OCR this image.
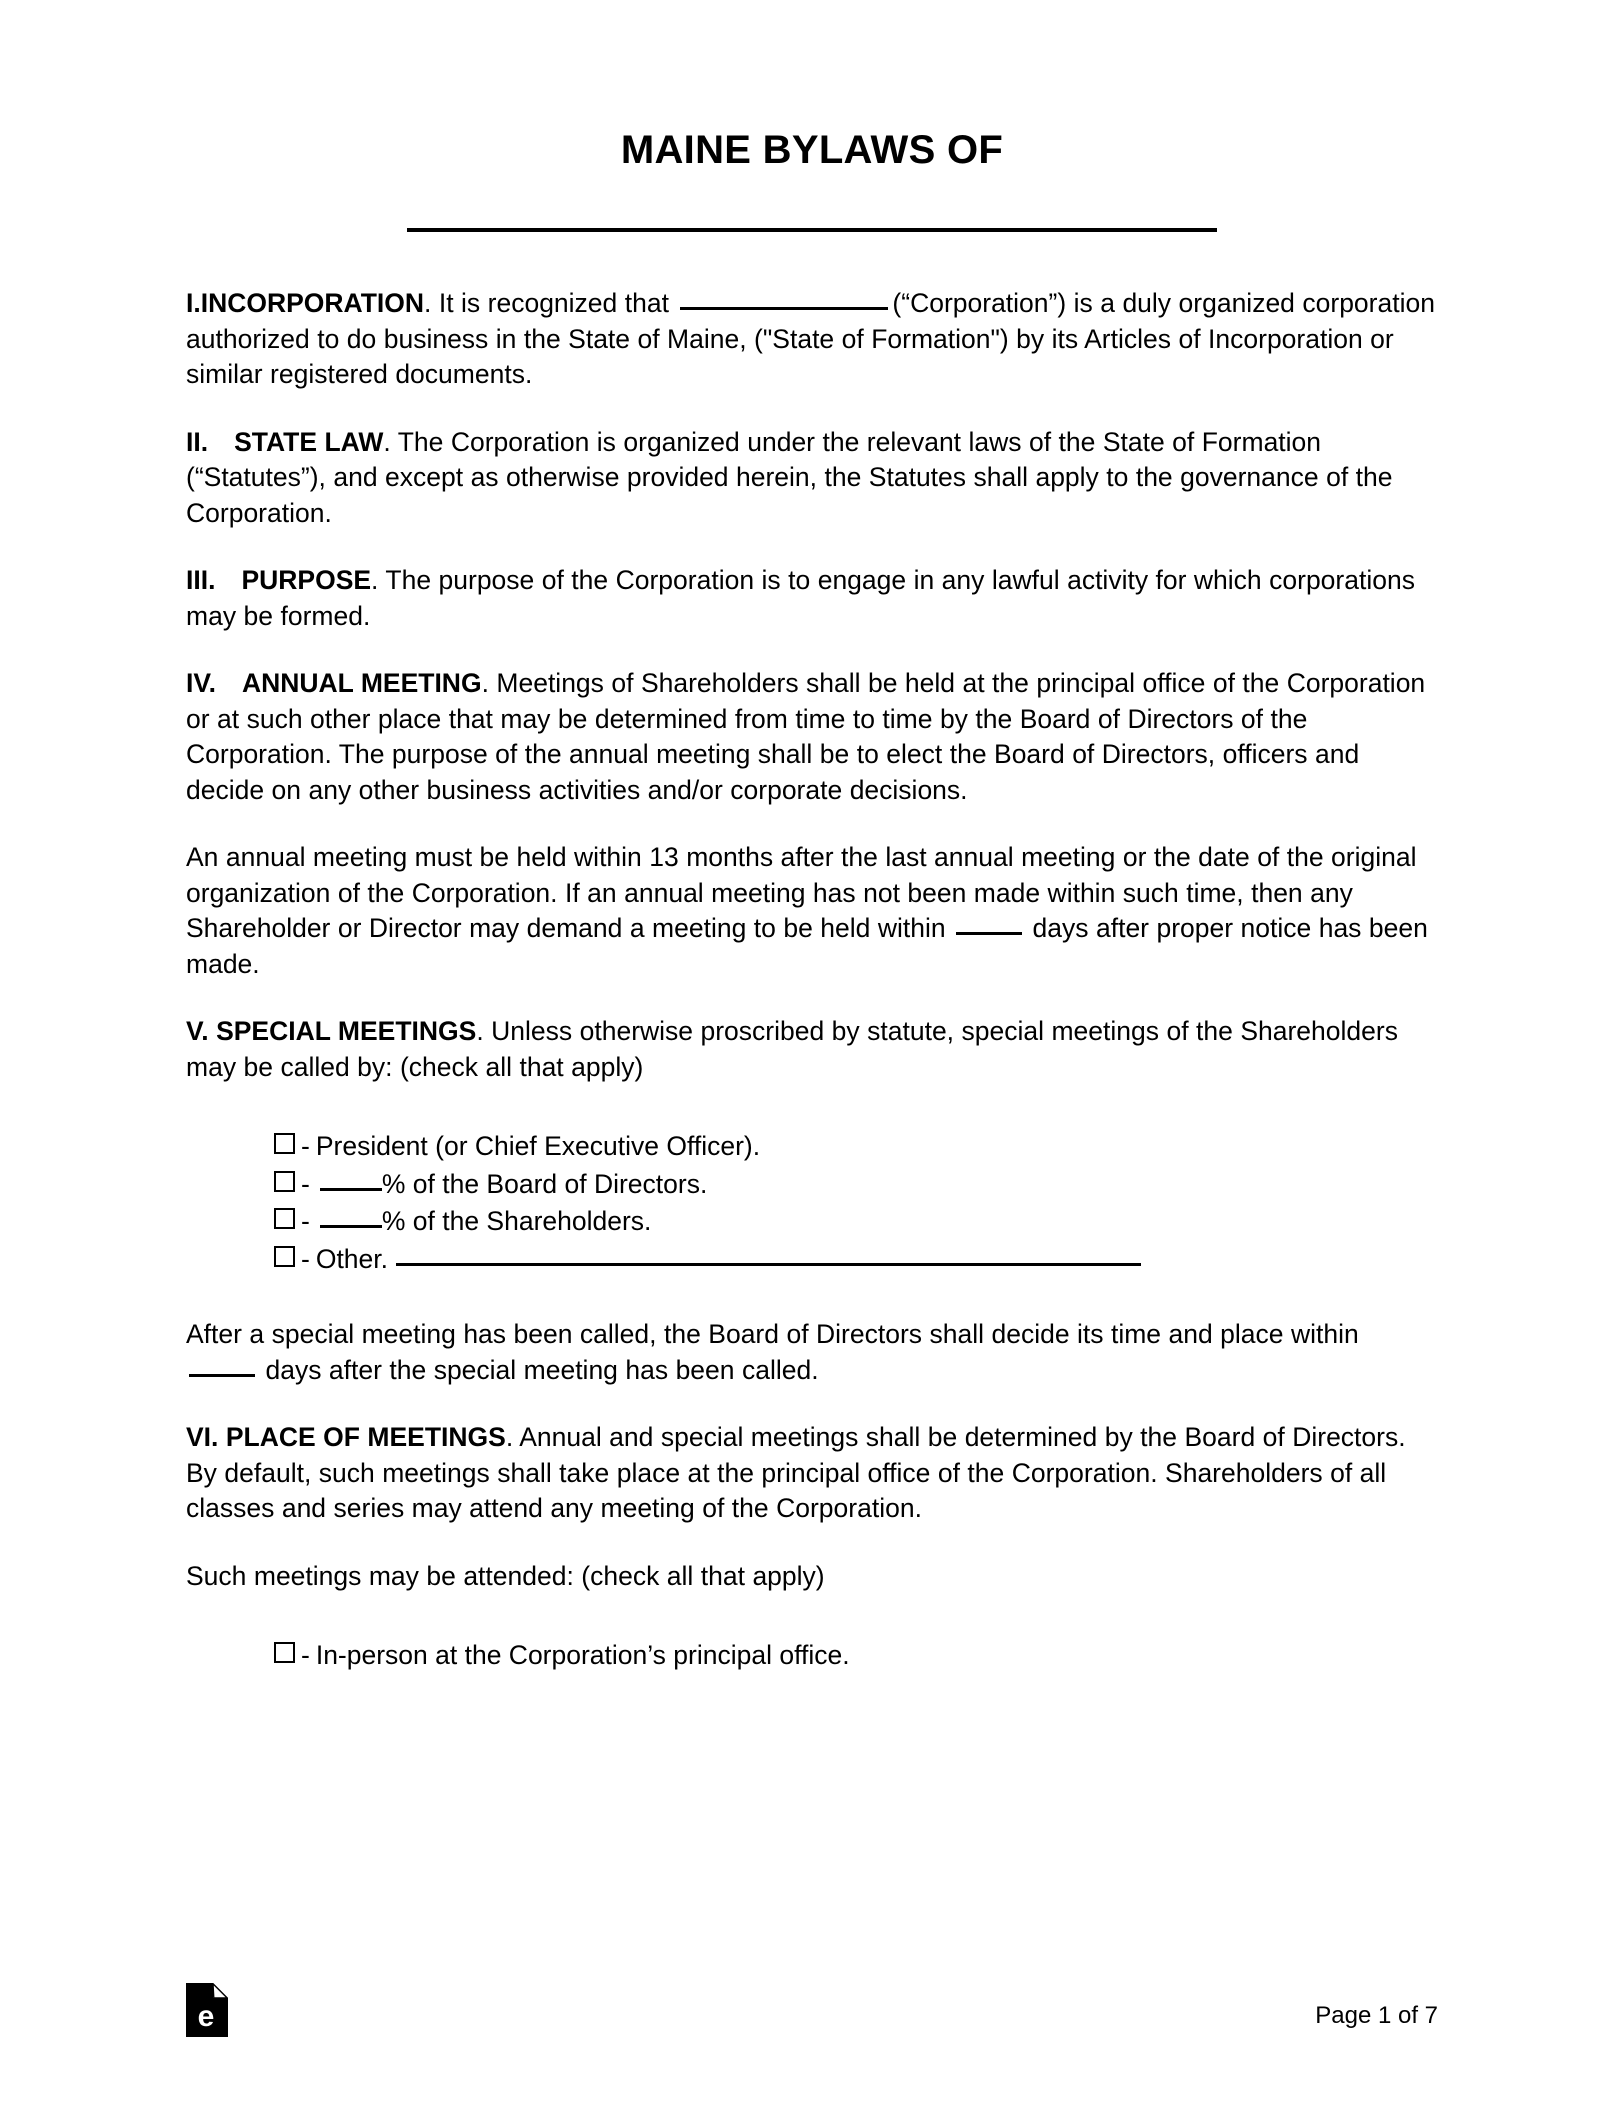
MAINE BYLAWS OF

I.INCORPORATION. It is recognized that	(“Corporation”) is a duly organized corporation authorized to do business in the State of Maine, ("State of Formation") by its Articles of Incorporation or similar registered documents.

II. STATE LAW. The Corporation is organized under the relevant laws of the State of Formation (“Statutes”), and except as otherwise provided herein, the Statutes shall apply to the governance of the Corporation.

III. PURPOSE. The purpose of the Corporation is to engage in any lawful activity for which corporations may be formed.

IV. ANNUAL MEETING. Meetings of Shareholders shall be held at the principal office of the Corporation or at such other place that may be determined from time to time by the Board of Directors of the Corporation. The purpose of the annual meeting shall be to elect the Board of Directors, officers and decide on any other business activities and/or corporate decisions.

An annual meeting must be held within 13 months after the last annual meeting or the date of the original organization of the Corporation. If an annual meeting has not been made within such time, then any Shareholder or Director may demand a meeting to be held within	days after proper notice has been made.

V. SPECIAL MEETINGS. Unless otherwise proscribed by statute, special meetings of the Shareholders may be called by: (check all that apply)

- President (or Chief Executive Officer).
-	% of the Board of Directors.
-	% of the Shareholders.
- Other.

After a special meeting has been called, the Board of Directors shall decide its time and place within  days after the special meeting has been called.

VI. PLACE OF MEETINGS. Annual and special meetings shall be determined by the Board of Directors. By default, such meetings shall take place at the principal office of the Corporation. Shareholders of all classes and series may attend any meeting of the Corporation.

Such meetings may be attended: (check all that apply)

- In-person at the Corporation’s principal office.
e	Page 1 of 7
